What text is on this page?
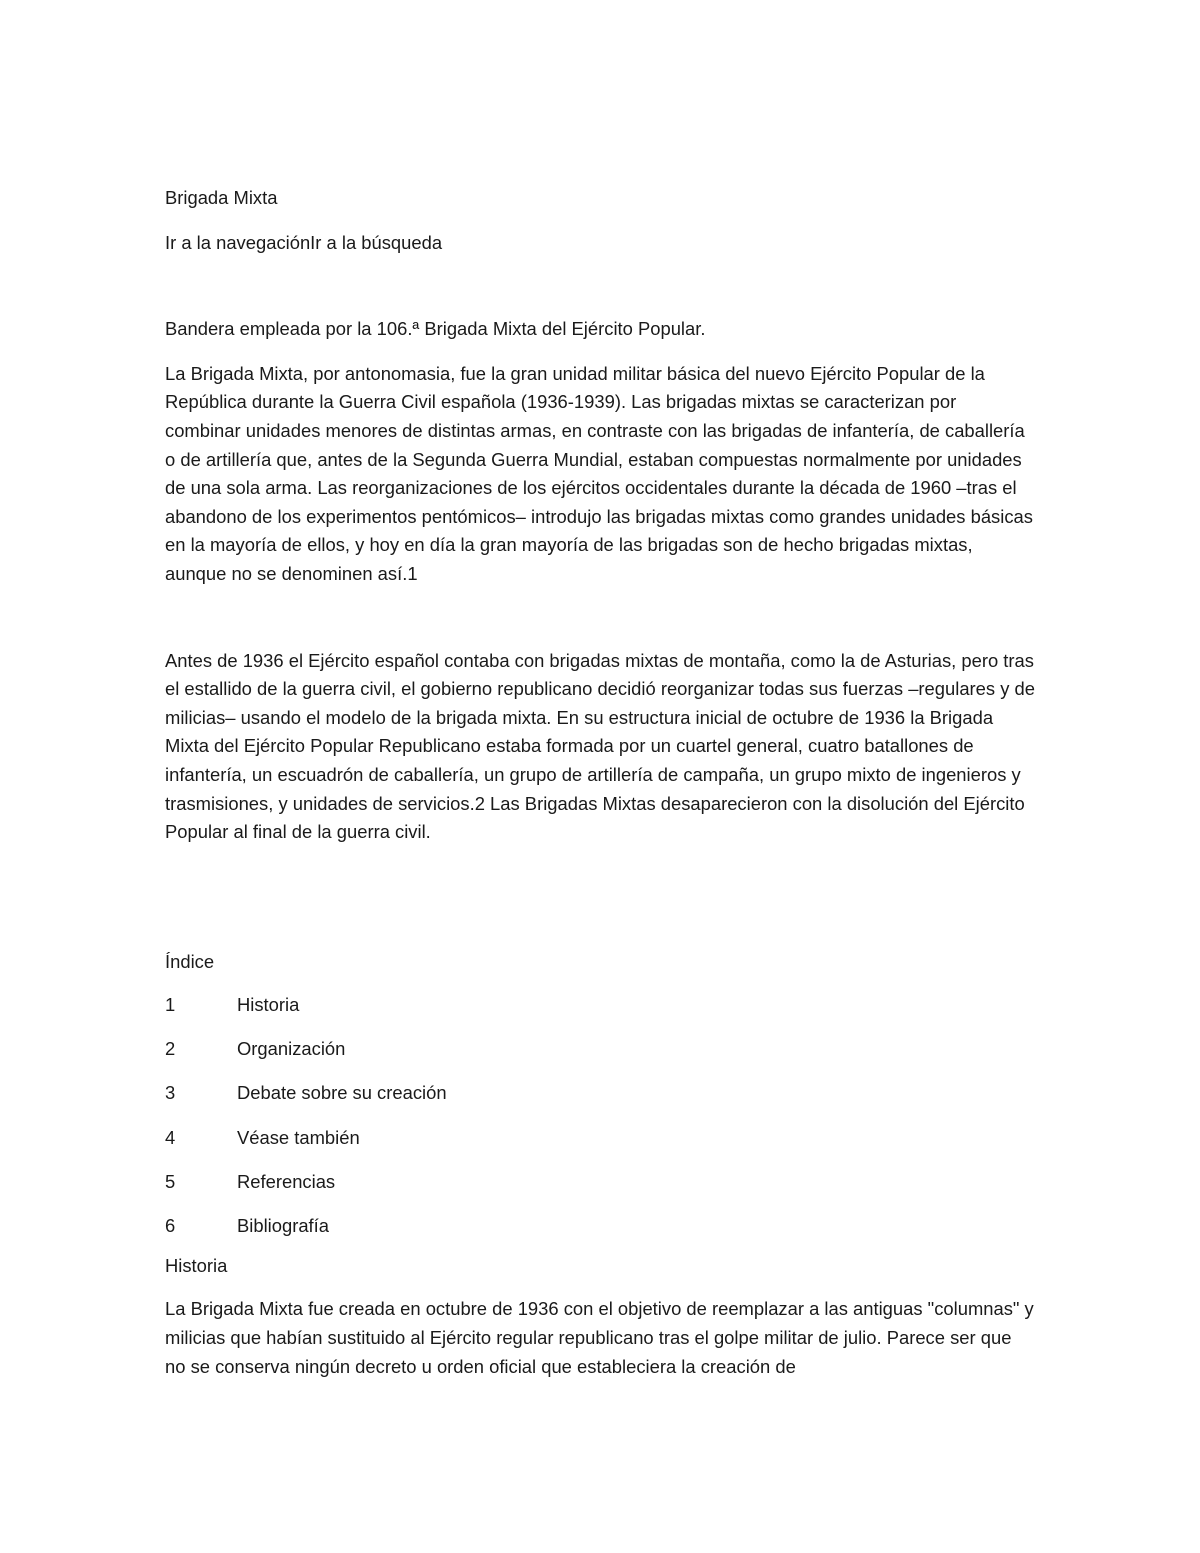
Brigada Mixta

Ir a la navegaciónIr a la búsqueda

Bandera empleada por la 106.ª Brigada Mixta del Ejército Popular.

La Brigada Mixta, por antonomasia, fue la gran unidad militar básica del nuevo Ejército Popular de la República durante la Guerra Civil española (1936-1939). Las brigadas mixtas se caracterizan por combinar unidades menores de distintas armas, en contraste con las brigadas de infantería, de caballería o de artillería que, antes de la Segunda Guerra Mundial, estaban compuestas normalmente por unidades de una sola arma. Las reorganizaciones de los ejércitos occidentales durante la década de 1960 –tras el abandono de los experimentos pentómicos– introdujo las brigadas mixtas como grandes unidades básicas en la mayoría de ellos, y hoy en día la gran mayoría de las brigadas son de hecho brigadas mixtas, aunque no se denominen así.1

Antes de 1936 el Ejército español contaba con brigadas mixtas de montaña, como la de Asturias, pero tras el estallido de la guerra civil, el gobierno republicano decidió reorganizar todas sus fuerzas –regulares y de milicias– usando el modelo de la brigada mixta. En su estructura inicial de octubre de 1936 la Brigada Mixta del Ejército Popular Republicano estaba formada por un cuartel general, cuatro batallones de infantería, un escuadrón de caballería, un grupo de artillería de campaña, un grupo mixto de ingenieros y trasmisiones, y unidades de servicios.2 Las Brigadas Mixtas desaparecieron con la disolución del Ejército Popular al final de la guerra civil.

Índice

1	Historia
2	Organización
3	Debate sobre su creación
4	Véase también
5	Referencias
6	Bibliografía

Historia

La Brigada Mixta fue creada en octubre de 1936 con el objetivo de reemplazar a las antiguas "columnas" y milicias que habían sustituido al Ejército regular republicano tras el golpe militar de julio. Parece ser que no se conserva ningún decreto u orden oficial que estableciera la creación de
